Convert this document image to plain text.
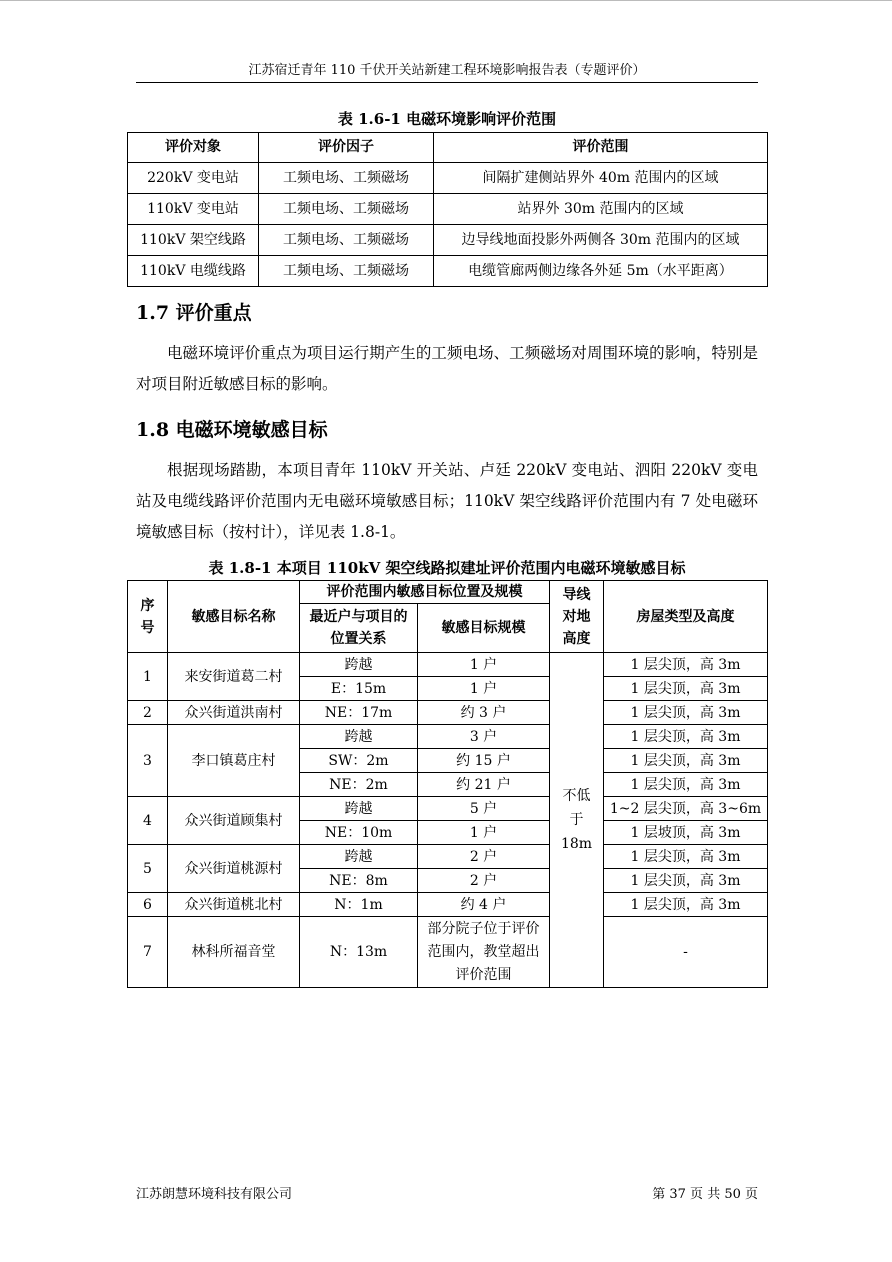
江苏宿迁青年 110 千伏开关站新建工程环境影响报告表（专题评价）
表 1.6-1 电磁环境影响评价范围
评价对象	评价因子	评价范围
220kV 变电站	工频电场、工频磁场	间隔扩建侧站界外 40m 范围内的区域
110kV 变电站	工频电场、工频磁场	站界外 30m 范围内的区域
110kV 架空线路	工频电场、工频磁场	边导线地面投影外两侧各 30m 范围内的区域
110kV 电缆线路	工频电场、工频磁场	电缆管廊两侧边缘各外延 5m（水平距离）
1.7 评价重点
电磁环境评价重点为项目运行期产生的工频电场、工频磁场对周围环境的影响，特别是对项目附近敏感目标的影响。
1.8 电磁环境敏感目标
根据现场踏勘，本项目青年 110kV 开关站、卢廷 220kV 变电站、泗阳 220kV 变电站及电缆线路评价范围内无电磁环境敏感目标；110kV 架空线路评价范围内有 7 处电磁环境敏感目标（按村计），详见表 1.8-1。
表 1.8-1 本项目 110kV 架空线路拟建址评价范围内电磁环境敏感目标
序号	敏感目标名称	评价范围内敏感目标位置及规模		导线对地高度	房屋类型及高度
		最近户与项目的位置关系	敏感目标规模		
1	来安街道葛二村	跨越	1 户	不低于18m	1 层尖顶，高 3m
		E：15m	1 户		1 层尖顶，高 3m
2	众兴街道洪南村	NE：17m	约 3 户		1 层尖顶，高 3m
3	李口镇葛庄村	跨越	3 户		1 层尖顶，高 3m
		SW：2m	约 15 户		1 层尖顶，高 3m
		NE：2m	约 21 户		1 层尖顶，高 3m
4	众兴街道顾集村	跨越	5 户		1~2 层尖顶，高 3~6m
		NE：10m	1 户		1 层坡顶，高 3m
5	众兴街道桃源村	跨越	2 户		1 层尖顶，高 3m
		NE：8m	2 户		1 层尖顶，高 3m
6	众兴街道桃北村	N：1m	约 4 户		1 层尖顶，高 3m
7	林科所福音堂	N：13m	部分院子位于评价范围内，教堂超出评价范围		-
江苏朗慧环境科技有限公司	第 37 页 共 50 页
